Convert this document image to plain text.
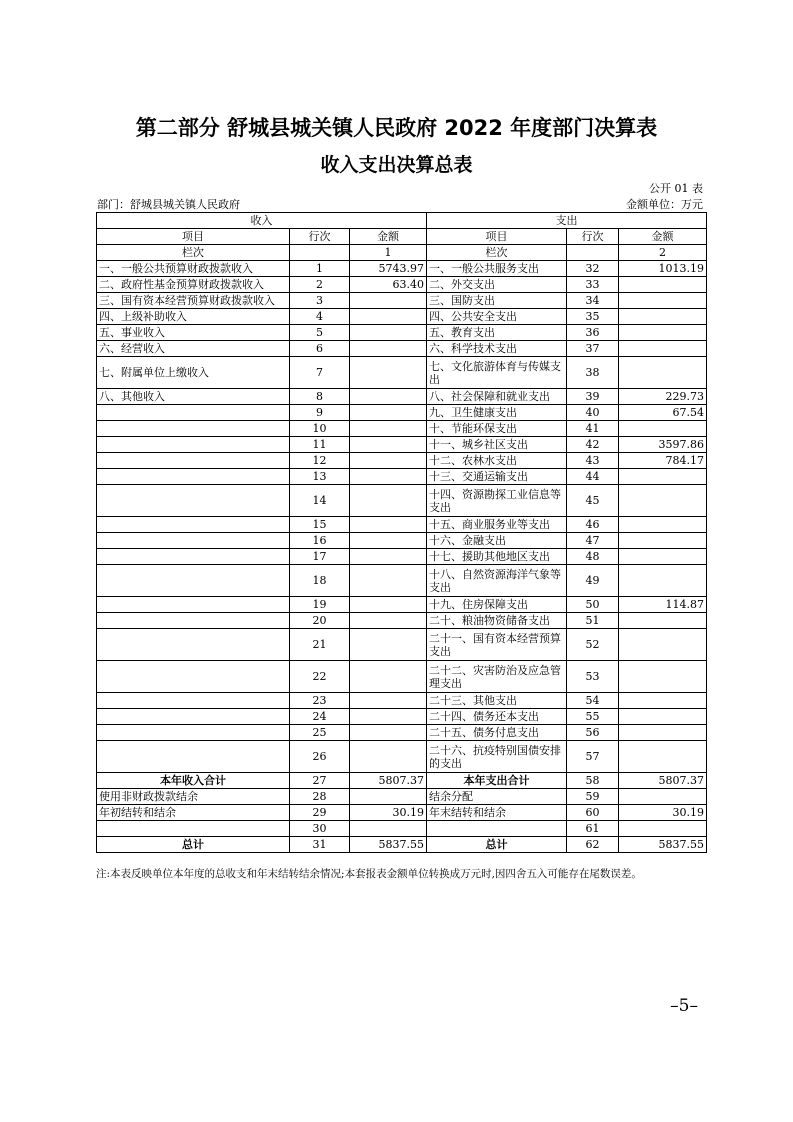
第二部分 舒城县城关镇人民政府 2022 年度部门决算表
收入支出决算总表
公开 01 表
部门：舒城县城关镇人民政府	金额单位：万元
收入			支出		
项目	行次	金额	项目	行次	金额
栏次		1	栏次		2
一、一般公共预算财政拨款收入	1	5743.97	一、一般公共服务支出	32	1013.19
二、政府性基金预算财政拨款收入	2	63.40	二、外交支出	33	
三、国有资本经营预算财政拨款收入	3		三、国防支出	34	
四、上级补助收入	4		四、公共安全支出	35	
五、事业收入	5		五、教育支出	36	
六、经营收入	6		六、科学技术支出	37	
七、附属单位上缴收入	7		七、文化旅游体育与传媒支出	38	
八、其他收入	8		八、社会保障和就业支出	39	229.73
	9		九、卫生健康支出	40	67.54
	10		十、节能环保支出	41	
	11		十一、城乡社区支出	42	3597.86
	12		十二、农林水支出	43	784.17
	13		十三、交通运输支出	44	
	14		十四、资源勘探工业信息等支出	45	
	15		十五、商业服务业等支出	46	
	16		十六、金融支出	47	
	17		十七、援助其他地区支出	48	
	18		十八、自然资源海洋气象等支出	49	
	19		十九、住房保障支出	50	114.87
	20		二十、粮油物资储备支出	51	
	21		二十一、国有资本经营预算支出	52	
	22		二十二、灾害防治及应急管理支出	53	
	23		二十三、其他支出	54	
	24		二十四、债务还本支出	55	
	25		二十五、债务付息支出	56	
	26		二十六、抗疫特别国债安排的支出	57	
本年收入合计	27	5807.37	本年支出合计	58	5807.37
使用非财政拨款结余	28		结余分配	59	
年初结转和结余	29	30.19	年末结转和结余	60	30.19
	30			61	
总计	31	5837.55	总计	62	5837.55
注:本表反映单位本年度的总收支和年末结转结余情况;本套报表金额单位转换成万元时,因四舍五入可能存在尾数误差。
–5–
